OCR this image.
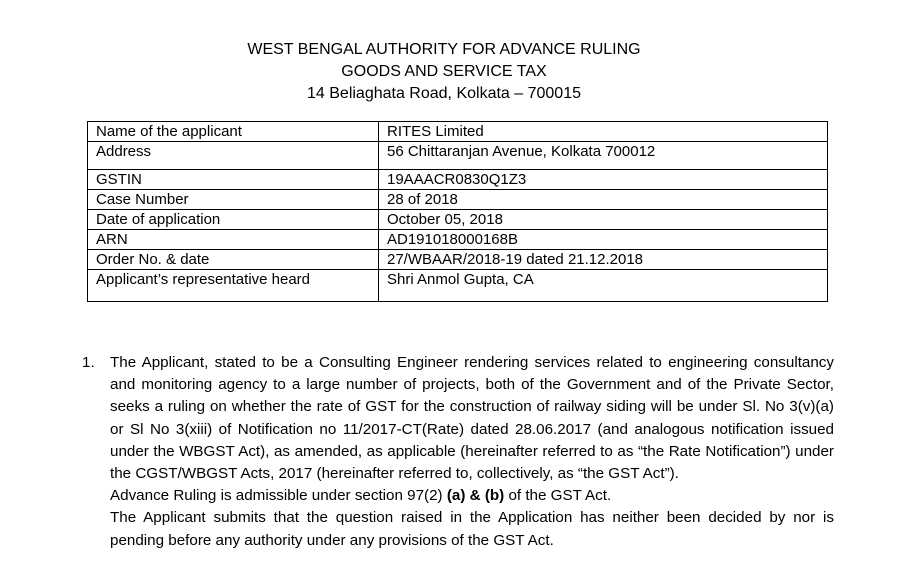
WEST BENGAL AUTHORITY FOR ADVANCE RULING
GOODS AND SERVICE TAX
14 Beliaghata Road, Kolkata – 700015
Name of the applicant	RITES Limited
Address	56 Chittaranjan Avenue, Kolkata 700012
GSTIN	19AAACR0830Q1Z3
Case Number	28 of 2018
Date of application	October 05, 2018
ARN	AD191018000168B
Order No. & date	27/WBAAR/2018-19 dated 21.12.2018
Applicant’s representative heard	Shri Anmol Gupta, CA
1.	The Applicant, stated to be a Consulting Engineer rendering services related to engineering consultancy and monitoring agency to a large number of projects, both of the Government and of the Private Sector, seeks a ruling on whether the rate of GST for the construction of railway siding will be under Sl. No 3(v)(a) or Sl No 3(xiii) of Notification no 11/2017-CT(Rate) dated 28.06.2017 (and analogous notification issued under the WBGST Act), as amended, as applicable (hereinafter referred to as “the Rate Notification”) under the CGST/WBGST Acts, 2017 (hereinafter referred to, collectively, as “the GST Act”).
Advance Ruling is admissible under section 97(2) (a) & (b) of the GST Act.
The Applicant submits that the question raised in the Application has neither been decided by nor is pending before any authority under any provisions of the GST Act.
